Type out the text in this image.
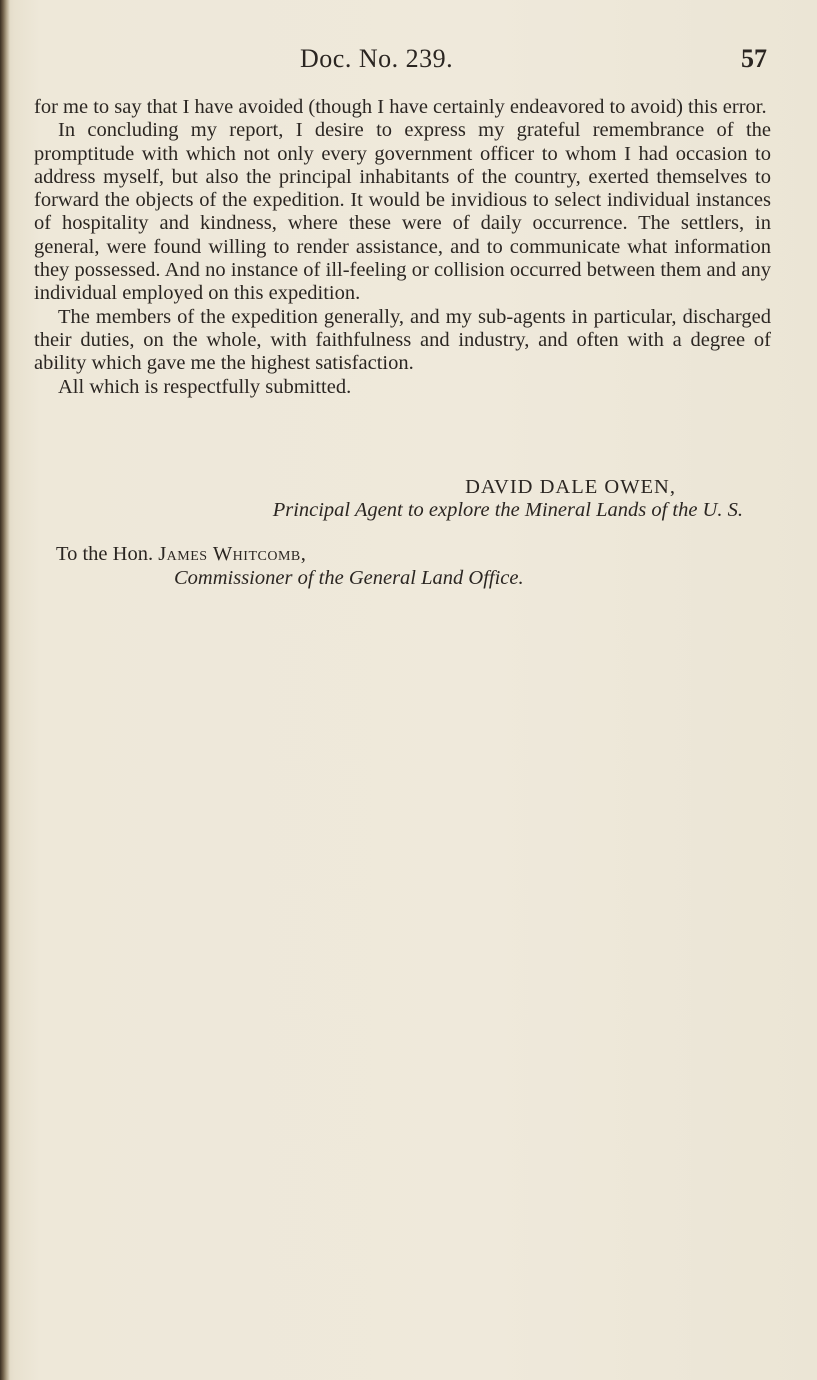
Doc. No. 239.	57

for me to say that I have avoided (though I have certainly endeavored to avoid) this error.

In concluding my report, I desire to express my grateful remembrance of the promptitude with which not only every government officer to whom I had occasion to address myself, but also the principal inhabitants of the country, exerted themselves to forward the objects of the expedition. It would be invidious to select individual instances of hospitality and kindness, where these were of daily occurrence. The settlers, in general, were found willing to render assistance, and to communicate what information they possessed. And no instance of ill-feeling or collision occurred between them and any individual employed on this expedition.

The members of the expedition generally, and my sub-agents in particular, discharged their duties, on the whole, with faithfulness and industry, and often with a degree of ability which gave me the highest satisfaction.

All which is respectfully submitted.

DAVID DALE OWEN,
Principal Agent to explore the Mineral Lands of the U. S.
To the Hon. James Whitcomb,
Commissioner of the General Land Office.
